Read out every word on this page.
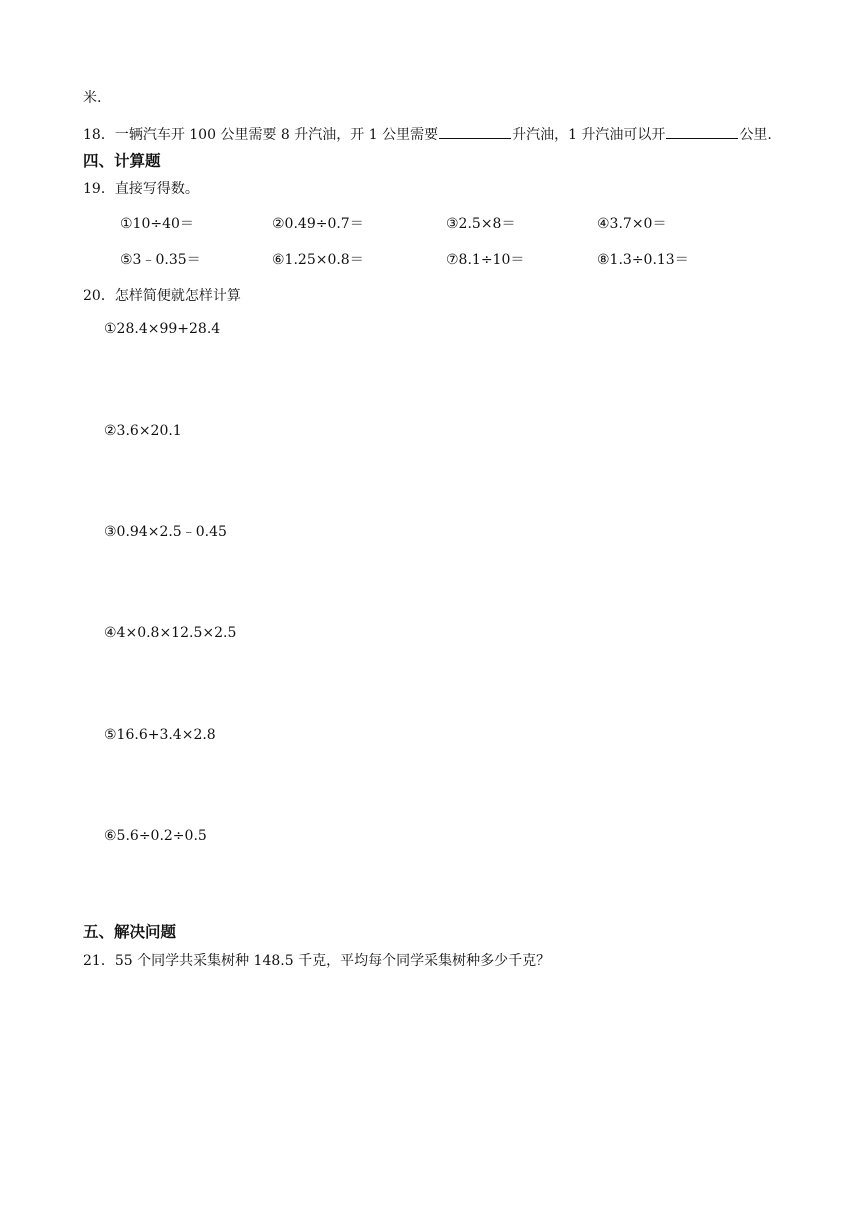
米.
18．一辆汽车开 100 公里需要 8 升汽油，开 1 公里需要	升汽油，1 升汽油可以开	公里.
四、计算题
19．直接写得数。
①10÷40＝	②0.49÷0.7＝	③2.5×8＝	④3.7×0＝
⑤3﹣0.35＝	⑥1.25×0.8＝	⑦8.1÷10＝	⑧1.3÷0.13＝
20．怎样简便就怎样计算
①28.4×99+28.4
②3.6×20.1
③0.94×2.5﹣0.45
④4×0.8×12.5×2.5
⑤16.6+3.4×2.8
⑥5.6÷0.2÷0.5
五、解决问题
21．55 个同学共采集树种 148.5 千克，平均每个同学采集树种多少千克？
